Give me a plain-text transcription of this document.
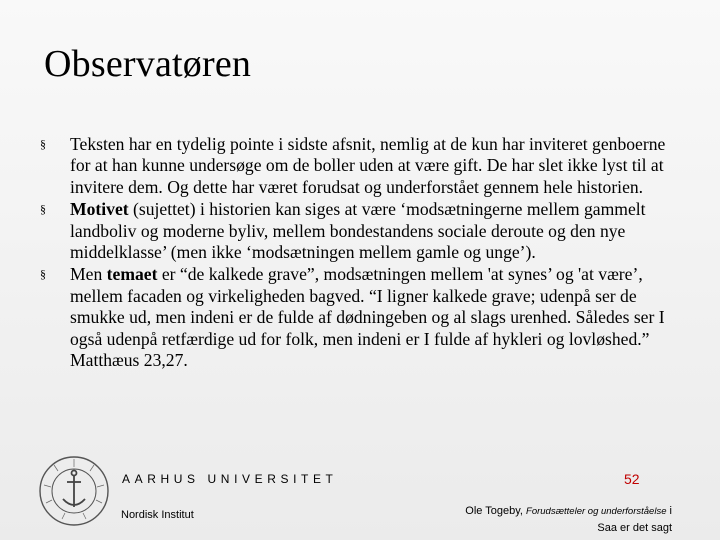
Observatøren
§ Teksten har en tydelig pointe i sidste afsnit, nemlig at de kun har inviteret genboerne for at han kunne undersøge om de boller uden at være gift. De har slet ikke lyst til at invitere dem. Og dette har været forudsat og underforstået gennem hele historien.
§ Motivet (sujettet) i historien kan siges at være ‘modsætningerne mellem gammelt landboliv og moderne byliv, mellem bondestandens sociale deroute og den nye middelklasse’ (men ikke ‘modsætningen mellem gamle og unge’).
§ Men temaet er “de kalkede grave”, modsætningen mellem 'at synes’ og 'at være’, mellem facaden og virkeligheden bagved. “I ligner kalkede grave; udenpå ser de smukke ud, men indeni er de fulde af dødningeben og al slags urenhed. Således ser I også udenpå retfærdige ud for folk, men indeni er I fulde af hykleri og lovløshed.” Matthæus 23,27.
AARHUS UNIVERSITET
Nordisk Institut
52
Ole Togeby, Forudsætteler og underforståelse i
Saa er det sagt
